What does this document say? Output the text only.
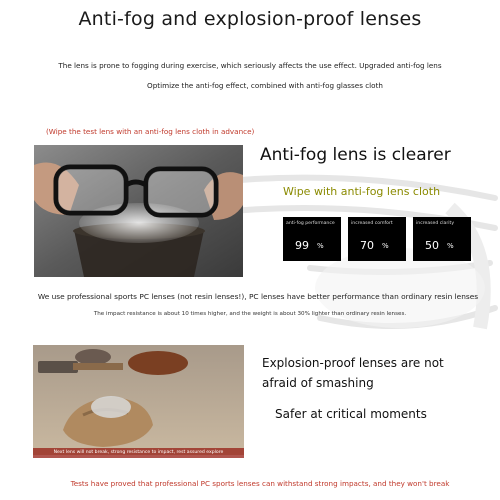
Anti-fog and explosion-proof lenses
The lens is prone to fogging during exercise, which seriously affects the use effect. Upgraded anti-fog lens
Optimize the anti-fog effect, combined with anti-fog glasses cloth
(Wipe the test lens with an anti-fog lens cloth in advance)
Anti-fog lens is clearer
Wipe with anti-fog lens cloth
anti-fog performance
99 %
increased comfort
70 %
increased clarity
50 %
We use professional sports PC lenses (not resin lenses!), PC lenses have better performance than ordinary resin lenses
The impact resistance is about 10 times higher, and the weight is about 30% lighter than ordinary resin lenses.
Next lens will not break, strong resistance to impact, rest assured explore
Explosion-proof lenses are not
afraid of smashing
Safer at critical moments
Tests have proved that professional PC sports lenses can withstand strong impacts, and they won't break
